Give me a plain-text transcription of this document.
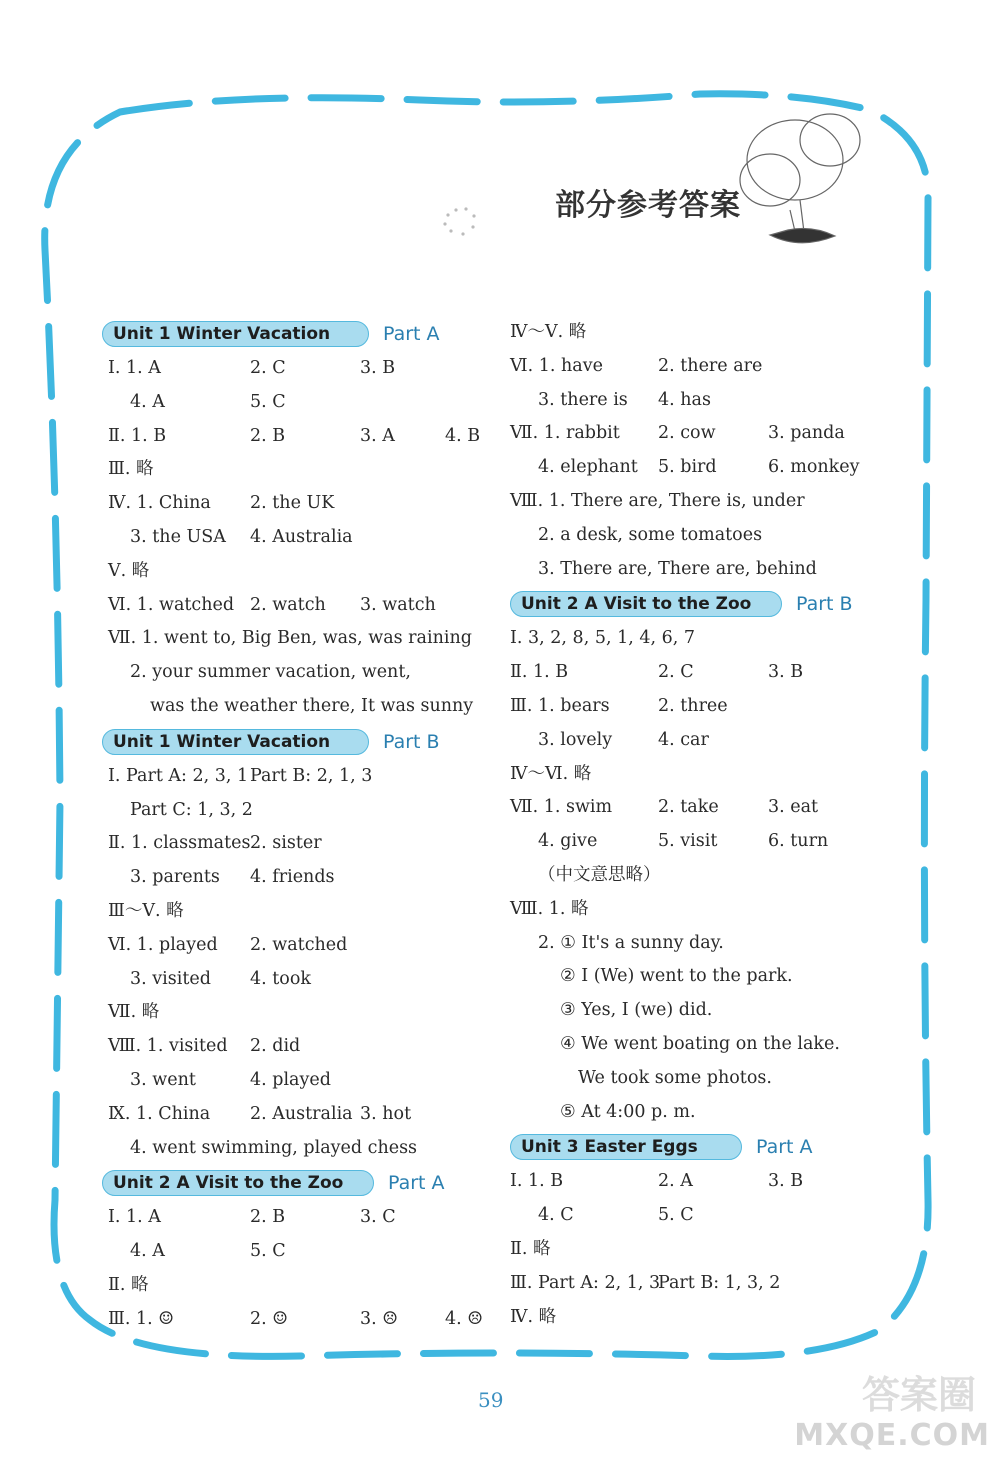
部分参考答案
Unit 1 Winter Vacation	Part A
Ⅰ. 1. A	2. C	3. B
4. A	5. C
Ⅱ. 1. B	2. B	3. A	4. B
Ⅲ. 略
Ⅳ. 1. China 2. the UK
3. the USA 4. Australia
Ⅴ. 略
Ⅵ. 1. watched 2. watch 3. watch
Ⅶ. 1. went to, Big Ben, was, was raining
2. your summer vacation, went,
was the weather there, It was sunny
Unit 1 Winter Vacation	Part B
Ⅰ. Part A: 2, 3, 1 Part B: 2, 1, 3
Part C: 1, 3, 2
Ⅱ. 1. classmates 2. sister
3. parents 4. friends
Ⅲ～Ⅴ. 略
Ⅵ. 1. played 2. watched
3. visited 4. took
Ⅶ. 略
Ⅷ. 1. visited 2. did
3. went	4. played
Ⅸ. 1. China 2. Australia 3. hot
4. went swimming, played chess
Unit 2 A Visit to the Zoo	Part A
Ⅰ. 1. A	2. B	3. C
4. A	5. C
Ⅱ. 略
Ⅲ. 1. ☺	2. ☺	3. ☹	4. ☹
Ⅳ～Ⅴ. 略
Ⅵ. 1. have	2. there are
3. there is 4. has
Ⅶ. 1. rabbit 2. cow	3. panda
4. elephant 5. bird	6. monkey
Ⅷ. 1. There are, There is, under
2. a desk, some tomatoes
3. There are, There are, behind
Unit 2 A Visit to the Zoo	Part B
Ⅰ. 3, 2, 8, 5, 1, 4, 6, 7
Ⅱ. 1. B	2. C	3. B
Ⅲ. 1. bears	2. three
3. lovely	4. car
Ⅳ～Ⅵ. 略
Ⅶ. 1. swim	2. take	3. eat
4. give	5. visit	6. turn
（中文意思略）
Ⅷ. 1. 略
2. ① It's a sunny day.
② I (We) went to the park.
③ Yes, I (we) did.
④ We went boating on the lake.
We took some photos.
⑤ At 4:00 p. m.
Unit 3 Easter Eggs	Part A
Ⅰ. 1. B	2. A	3. B
4. C	5. C
Ⅱ. 略
Ⅲ. Part A: 2, 1, 3
Part B: 1, 3, 2
Ⅳ. 略
59	答案圈
MXQE.COM
